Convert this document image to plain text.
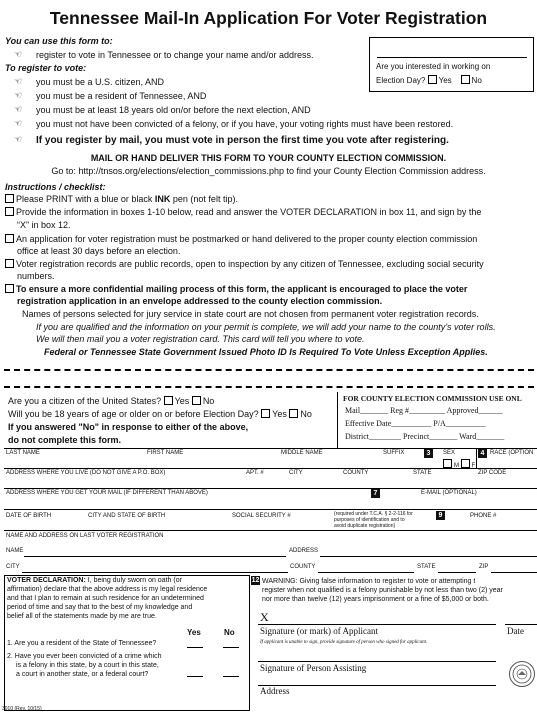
Tennessee Mail-In Application For Voter Registration
You can use this form to:
☜ register to vote in Tennessee or to change your name and/or address.
To register to vote:
☜ you must be a U.S. citizen, AND
☜ you must be a resident of Tennessee, AND
☜ you must be at least 18 years old on/or before the next election, AND
☜ you must not have been convicted of a felony, or if you have, your voting rights must have been restored.
☜ If you register by mail, you must vote in person the first time you vote after registering.
Are you interested in working on
Election Day? Yes No
MAIL OR HAND DELIVER THIS FORM TO YOUR COUNTY ELECTION COMMISSION.
Go to: http://tnsos.org/elections/election_commissions.php to find your County Election Commission address.
Instructions / checklist:
Please PRINT with a blue or black INK pen (not felt tip).
Provide the information in boxes 1-10 below, read and answer the VOTER DECLARATION in box 11, and sign by the
“X” in box 12.
An application for voter registration must be postmarked or hand delivered to the proper county election commission
office at least 30 days before an election.
Voter registration records are public records, open to inspection by any citizen of Tennessee, excluding social security
numbers.
To ensure a more confidential mailing process of this form, the applicant is encouraged to place the voter
registration application in an envelope addressed to the county election commission.
Names of persons selected for jury service in state court are not chosen from permanent voter registration records.
If you are qualified and the information on your permit is complete, we will add your name to the county’s voter rolls.
We will then mail you a voter registration card. This card will tell you where to vote.
Federal or Tennessee State Government Issued Photo ID Is Required To Vote Unless Exception Applies.
Are you a citizen of the United States? Yes No
Will you be 18 years of age or older on or before Election Day? Yes No
If you answered "No" in response to either of the above,
do not complete this form.
FOR COUNTY ELECTION COMMISSION USE ONL
Mail_______ Reg #_________ Approved______
Effective Date__________ P/A__________
District________ Precinct_______ Ward_______
LAST NAME	FIRST NAME	MIDDLE NAME	SUFFIX	3	SEX
M F
4 RACE (OPTION
ADDRESS WHERE YOU LIVE (DO NOT GIVE A P.O. BOX)	APT. #	CITY	COUNTY	STATE	ZIP CODE
ADDRESS WHERE YOU GET YOUR MAIL (IF DIFFERENT THAN ABOVE)	7	E-MAIL (OPTIONAL)
DATE OF BIRTH	CITY AND STATE OF BIRTH	SOCIAL SECURITY #	(required under T.C.A. § 2-2-116 for
purposes of identification and to
avoid duplicate registration)
9	PHONE #
NAME AND ADDRESS ON LAST VOTER REGISTRATION
NAME	ADDRESS
CITY	COUNTY	STATE	ZIP
VOTER DECLARATION: I, being duly sworn on oath (or
affirmation) declare that the above address is my legal residence
and that I plan to remain at such residence for an undetermined
period of time and say that to the best of my knowledge and
belief all of the statements made by me are true.
Yes	No
1. Are you a resident of the State of Tennessee?
2. Have you ever been convicted of a crime which
is a felony in this state, by a court in this state,
a court in another state, or a federal court?
12 WARNING: Giving false information to register to vote or attempting t
register when not qualified is a felony punishable by not less than two (2) year
nor more than twelve (12) years imprisonment or a fine of $5,000 or both.
X
Signature (or mark) of Applicant	Date
If applicant is unable to sign, provide signature of person who signed for applicant.
Signature of Person Assisting
Address
3010 (Rev. 10/15)
